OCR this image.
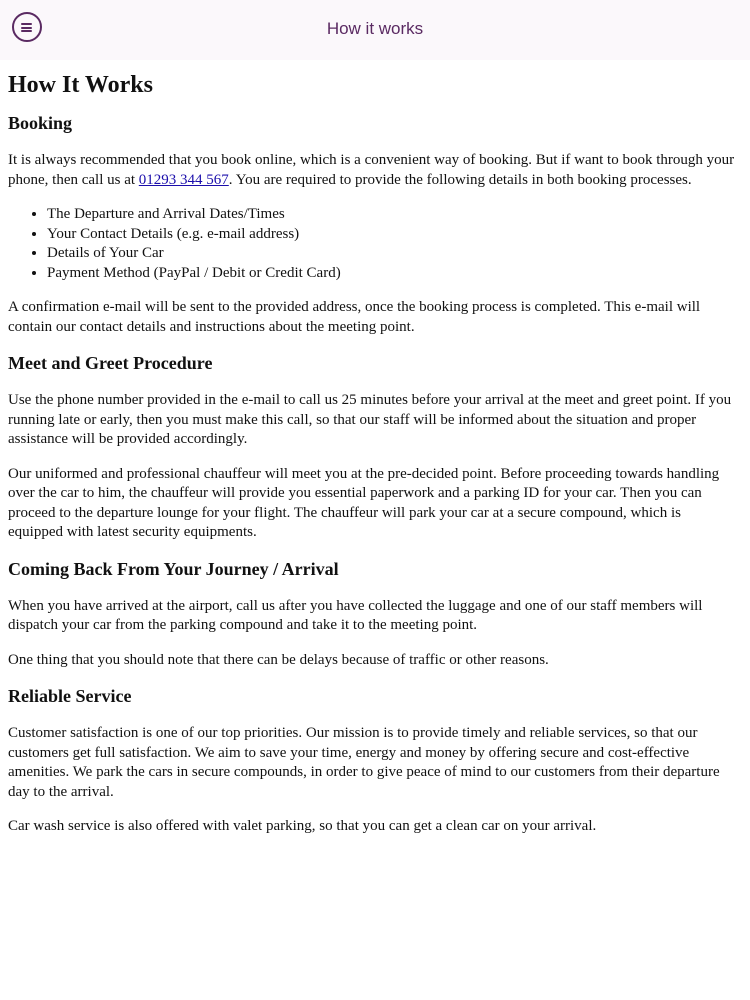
How it works
How It Works
Booking

It is always recommended that you book online, which is a convenient way of booking. But if want to book through your phone, then call us at 01293 344 567. You are required to provide the following details in both booking processes.

• The Departure and Arrival Dates/Times
• Your Contact Details (e.g. e-mail address)
• Details of Your Car
• Payment Method (PayPal / Debit or Credit Card)

A confirmation e-mail will be sent to the provided address, once the booking process is completed. This e-mail will contain our contact details and instructions about the meeting point.

Meet and Greet Procedure

Use the phone number provided in the e-mail to call us 25 minutes before your arrival at the meet and greet point. If you running late or early, then you must make this call, so that our staff will be informed about the situation and proper assistance will be provided accordingly.

Our uniformed and professional chauffeur will meet you at the pre-decided point. Before proceeding towards handling over the car to him, the chauffeur will provide you essential paperwork and a parking ID for your car. Then you can proceed to the departure lounge for your flight. The chauffeur will park your car at a secure compound, which is equipped with latest security equipments.

Coming Back From Your Journey / Arrival

When you have arrived at the airport, call us after you have collected the luggage and one of our staff members will dispatch your car from the parking compound and take it to the meeting point.

One thing that you should note that there can be delays because of traffic or other reasons.

Reliable Service

Customer satisfaction is one of our top priorities. Our mission is to provide timely and reliable services, so that our customers get full satisfaction. We aim to save your time, energy and money by offering secure and cost-effective amenities. We park the cars in secure compounds, in order to give peace of mind to our customers from their departure day to the arrival.

Car wash service is also offered with valet parking, so that you can get a clean car on your arrival.
